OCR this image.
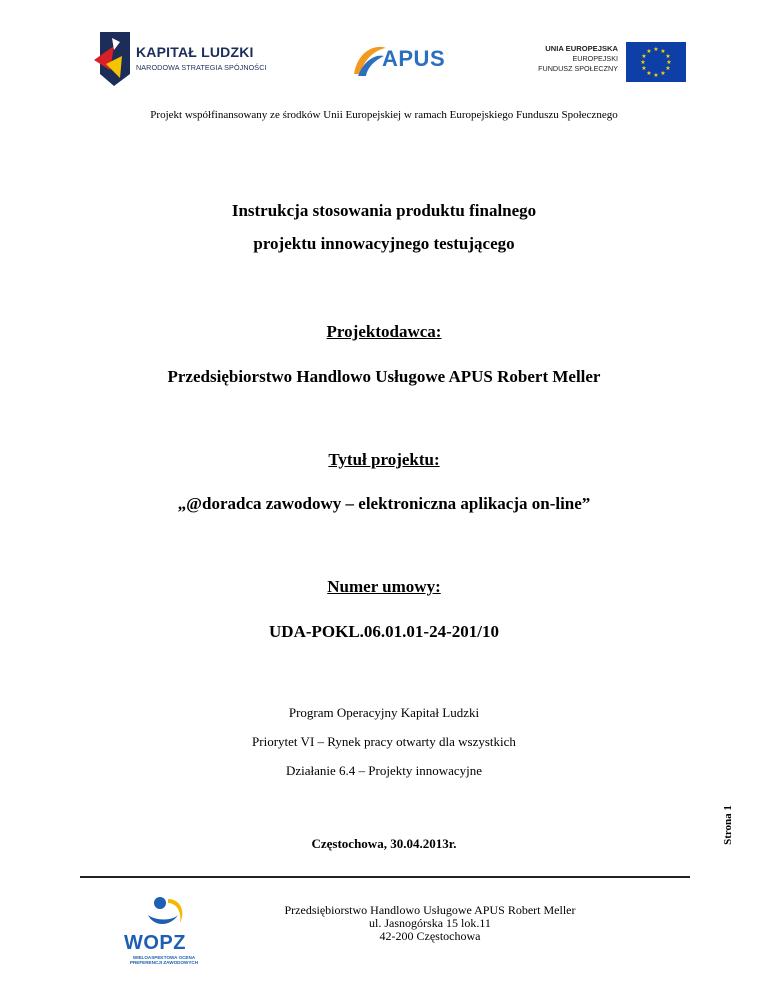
KAPITAŁ LUDZKI
NARODOWA STRATEGIA SPÓJNOŚCI	APUS	UNIA EUROPEJSKA
EUROPEJSKI
FUNDUSZ SPOŁECZNY
★ ★
★
★
★
★
★
★
★
★
★
★
Projekt współfinansowany ze środków Unii Europejskiej w ramach Europejskiego Funduszu Społecznego
Instrukcja stosowania produktu finalnego
projektu innowacyjnego testującego
Projektodawca:
Przedsiębiorstwo Handlowo Usługowe APUS Robert Meller
Tytuł projektu:
„@doradca zawodowy – elektroniczna aplikacja on-line”
Numer umowy:
UDA-POKL.06.01.01-24-201/10
Program Operacyjny Kapitał Ludzki
Priorytet VI – Rynek pracy otwarty dla wszystkich
Działanie 6.4 – Projekty innowacyjne
Częstochowa, 30.04.2013r.	Strona 1
WOPZ
WIELOASPEKTOWA OCENA
PREFERENCJI ZAWODOWYCH
Przedsiębiorstwo Handlowo Usługowe APUS Robert Meller
ul. Jasnogórska 15 lok.11
42-200 Częstochowa
